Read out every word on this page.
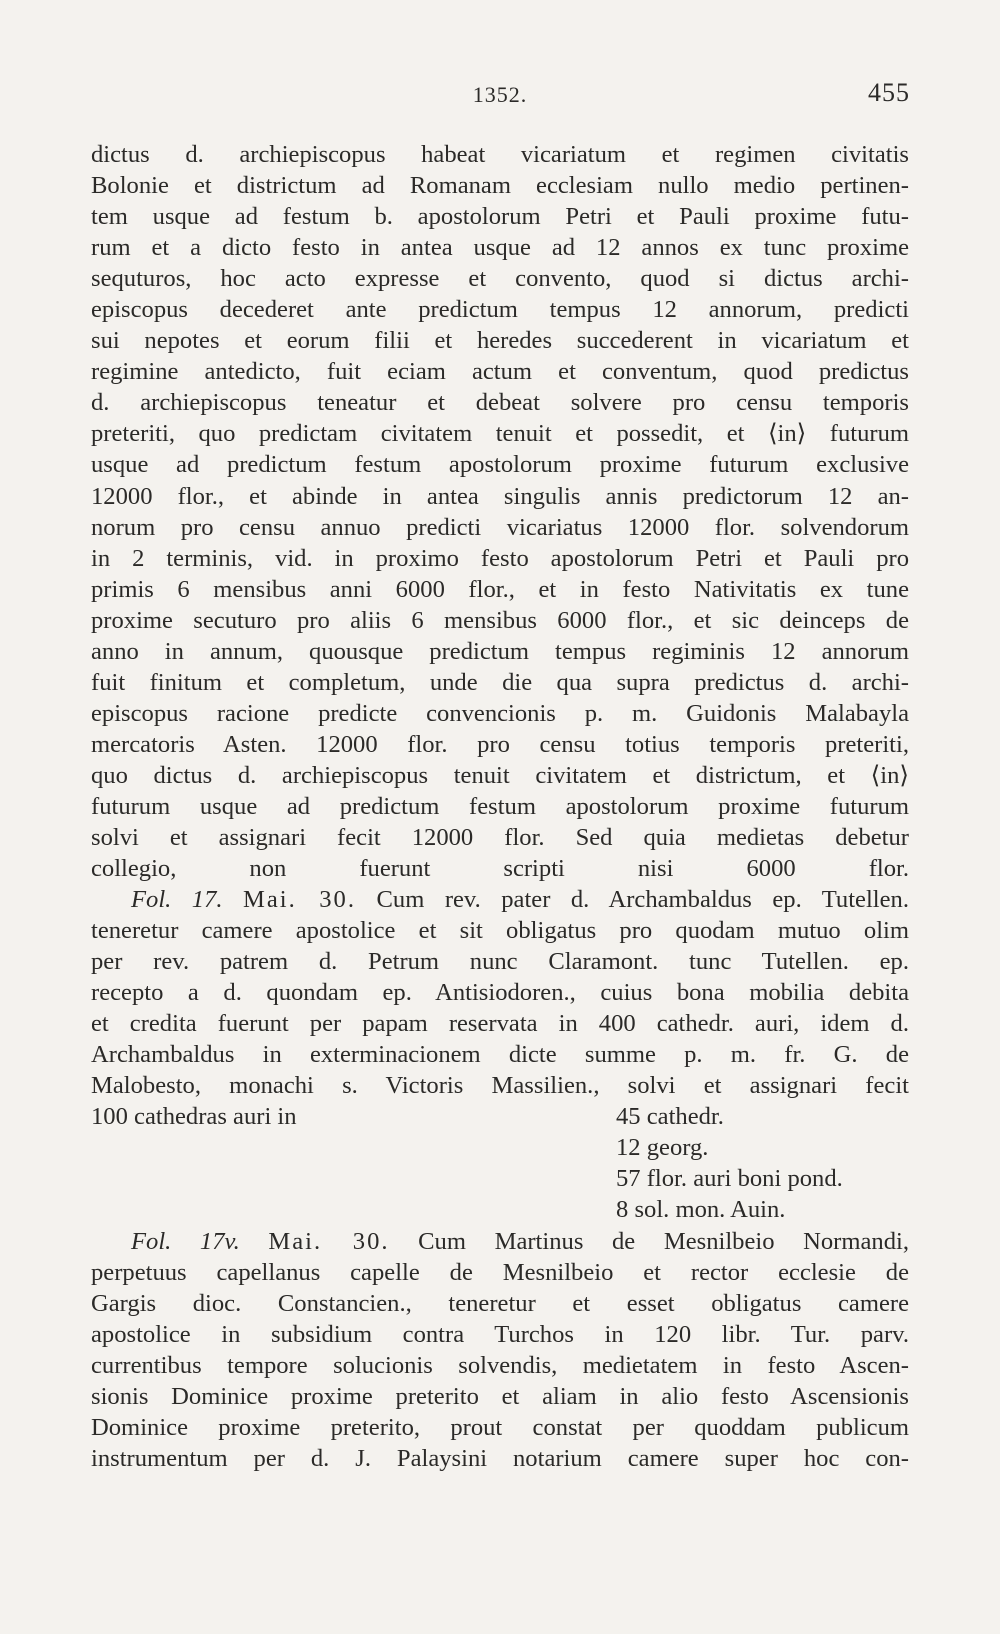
1352.	455
dictus d. archiepiscopus habeat vicariatum et regimen civitatis
Bolonie et districtum ad Romanam ecclesiam nullo medio pertinen-
tem usque ad festum b. apostolorum Petri et Pauli proxime futu-
rum et a dicto festo in antea usque ad 12 annos ex tunc proxime
sequturos, hoc acto expresse et convento, quod si dictus archi-
episcopus decederet ante predictum tempus 12 annorum, predicti
sui nepotes et eorum filii et heredes succederent in vicariatum et
regimine antedicto, fuit eciam actum et conventum, quod predictus
d. archiepiscopus teneatur et debeat solvere pro censu temporis
preteriti, quo predictam civitatem tenuit et possedit, et ⟨in⟩ futurum
usque ad predictum festum apostolorum proxime futurum exclusive
12000 flor., et abinde in antea singulis annis predictorum 12 an-
norum pro censu annuo predicti vicariatus 12000 flor. solvendorum
in 2 terminis, vid. in proximo festo apostolorum Petri et Pauli pro
primis 6 mensibus anni 6000 flor., et in festo Nativitatis ex tune
proxime secuturo pro aliis 6 mensibus 6000 flor., et sic deinceps de
anno in annum, quousque predictum tempus regiminis 12 annorum
fuit finitum et completum, unde die qua supra predictus d. archi-
episcopus racione predicte convencionis p. m. Guidonis Malabayla
mercatoris Asten. 12000 flor. pro censu totius temporis preteriti,
quo dictus d. archiepiscopus tenuit civitatem et districtum, et ⟨in⟩
futurum usque ad predictum festum apostolorum proxime futurum
solvi et assignari fecit 12000 flor. Sed quia medietas debetur
collegio, non fuerunt scripti nisi	6000 flor.
Fol. 17. Mai. 30. Cum rev. pater d. Archambaldus ep. Tutellen.
teneretur camere apostolice et sit obligatus pro quodam mutuo olim
per rev. patrem d. Petrum nunc Claramont. tunc Tutellen. ep.
recepto a d. quondam ep. Antisiodoren., cuius bona mobilia debita
et credita fuerunt per papam reservata in 400 cathedr. auri, idem d.
Archambaldus in exterminacionem dicte summe p. m. fr. G. de
Malobesto, monachi s. Victoris Massilien., solvi et assignari fecit
100 cathedras auri in	45 cathedr.
12 georg.
57 flor. auri boni pond.
8 sol. mon. Auin.
Fol. 17v. Mai. 30. Cum Martinus de Mesnilbeio Normandi,
perpetuus capellanus capelle de Mesnilbeio et rector ecclesie de
Gargis dioc. Constancien., teneretur et esset obligatus camere
apostolice in subsidium contra Turchos in 120 libr. Tur. parv.
currentibus tempore solucionis solvendis, medietatem in festo Ascen-
sionis Dominice proxime preterito et aliam in alio festo Ascensionis
Dominice proxime preterito, prout constat per quoddam publicum
instrumentum per d. J. Palaysini notarium camere super hoc con-
